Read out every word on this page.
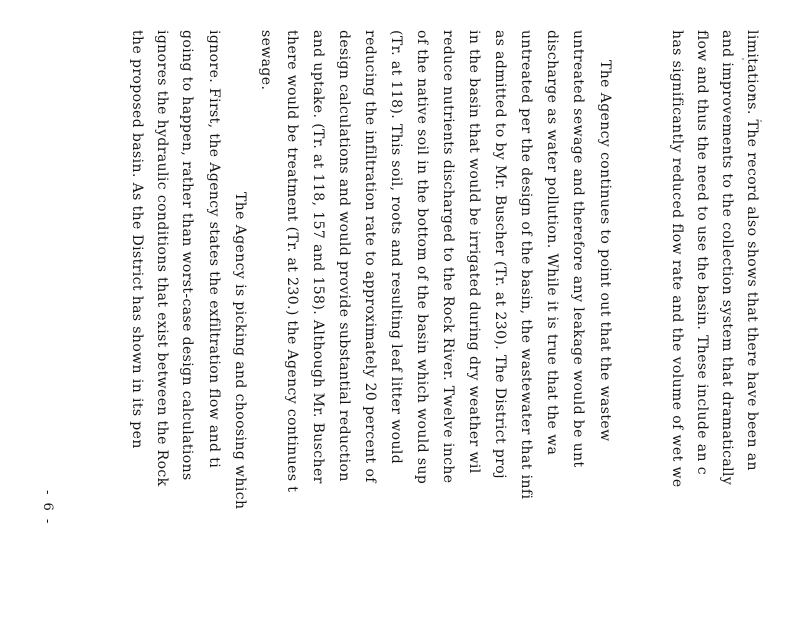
limitations. The record also shows that there have been an
and improvements to the collection system that dramatically
flow and thus the need to use the basin. These include an c
has significantly reduced flow rate and the volume of wet we
The Agency continues to point out that the wastew
untreated sewage and therefore any leakage would be unt
discharge as water pollution. While it is true that the wa
untreated per the design of the basin, the wastewater that infi
as admitted to by Mr. Buscher (Tr. at 230). The District proj
in the basin that would be irrigated during dry weather wil
reduce nutrients discharged to the Rock River. Twelve inche
of the native soil in the bottom of the basin which would sup
(Tr. at 118). This soil, roots and resulting leaf litter would
reducing the infiltration rate to approximately 20 percent of
design calculations and would provide substantial reduction
and uptake. (Tr. at 118, 157 and 158). Although Mr. Buscher
there would be treatment (Tr. at 230.) the Agency continues t
sewage.
The Agency is picking and choosing which
ignore. First, the Agency states the exfiltration flow and ti
going to happen, rather than worst-case design calculations
ignores the hydraulic conditions that exist between the Rock
the proposed basin. As the District has shown in its pen
- 6 -
